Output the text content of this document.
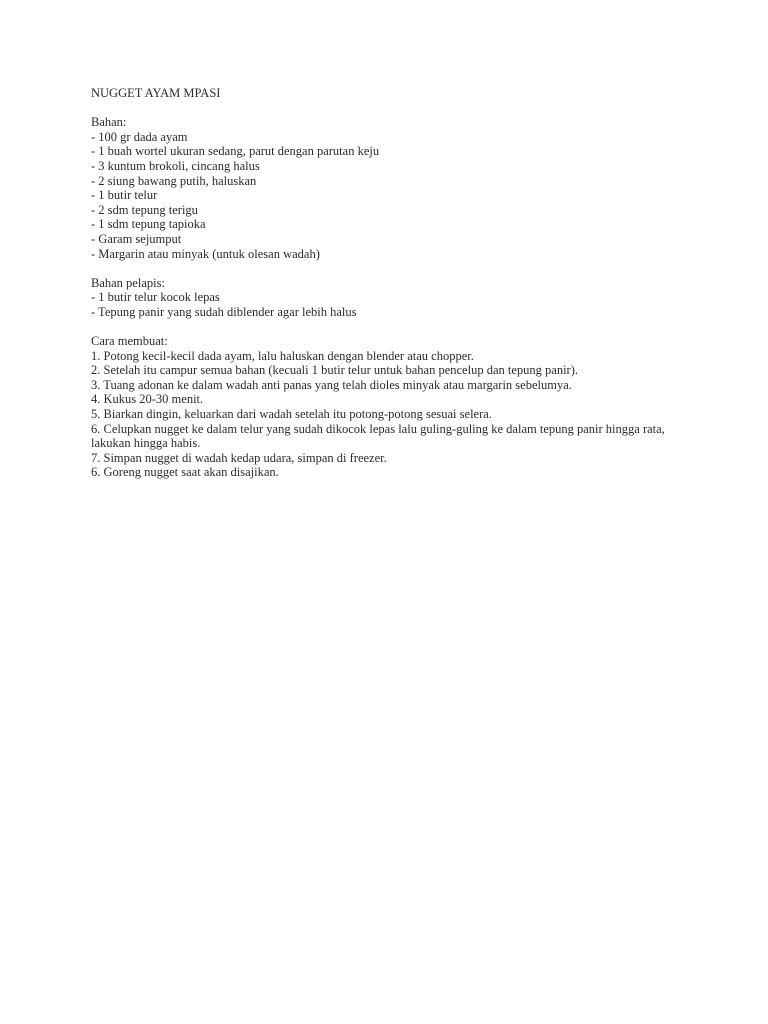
NUGGET AYAM MPASI
Bahan:
- 100 gr dada ayam
- 1 buah wortel ukuran sedang, parut dengan parutan keju
- 3 kuntum brokoli, cincang halus
- 2 siung bawang putih, haluskan
- 1 butir telur
- 2 sdm tepung terigu
- 1 sdm tepung tapioka
- Garam sejumput
- Margarin atau minyak (untuk olesan wadah)
Bahan pelapis:
- 1 butir telur kocok lepas
- Tepung panir yang sudah diblender agar lebih halus
Cara membuat:
1. Potong kecil-kecil dada ayam, lalu haluskan dengan blender atau chopper.
2. Setelah itu campur semua bahan (kecuali 1 butir telur untuk bahan pencelup dan tepung panir).
3. Tuang adonan ke dalam wadah anti panas yang telah dioles minyak atau margarin sebelumya.
4. Kukus 20-30 menit.
5. Biarkan dingin, keluarkan dari wadah setelah itu potong-potong sesuai selera.
6. Celupkan nugget ke dalam telur yang sudah dikocok lepas lalu guling-guling ke dalam tepung panir hingga rata, lakukan hingga habis.
7. Simpan nugget di wadah kedap udara, simpan di freezer.
6. Goreng nugget saat akan disajikan.
